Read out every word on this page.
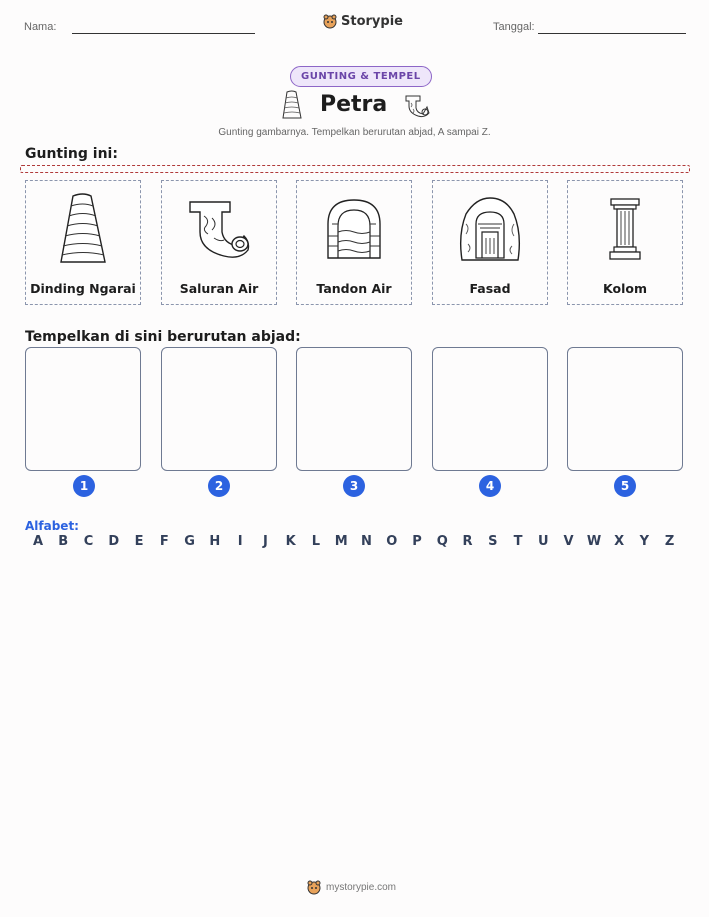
Nama:	Storypie	Tanggal:
GUNTING & TEMPEL
Petra
Gunting gambarnya. Tempelkan berurutan abjad, A sampai Z.
Gunting ini:
Dinding Ngarai	Saluran Air	Tandon Air	Fasad	Kolom
Tempelkan di sini berurutan abjad:
1	2	3	4	5
Alfabet:
A B C D E F G H	I	J	K L M N O P Q R S T U V W X Y Z
mystorypie.com
